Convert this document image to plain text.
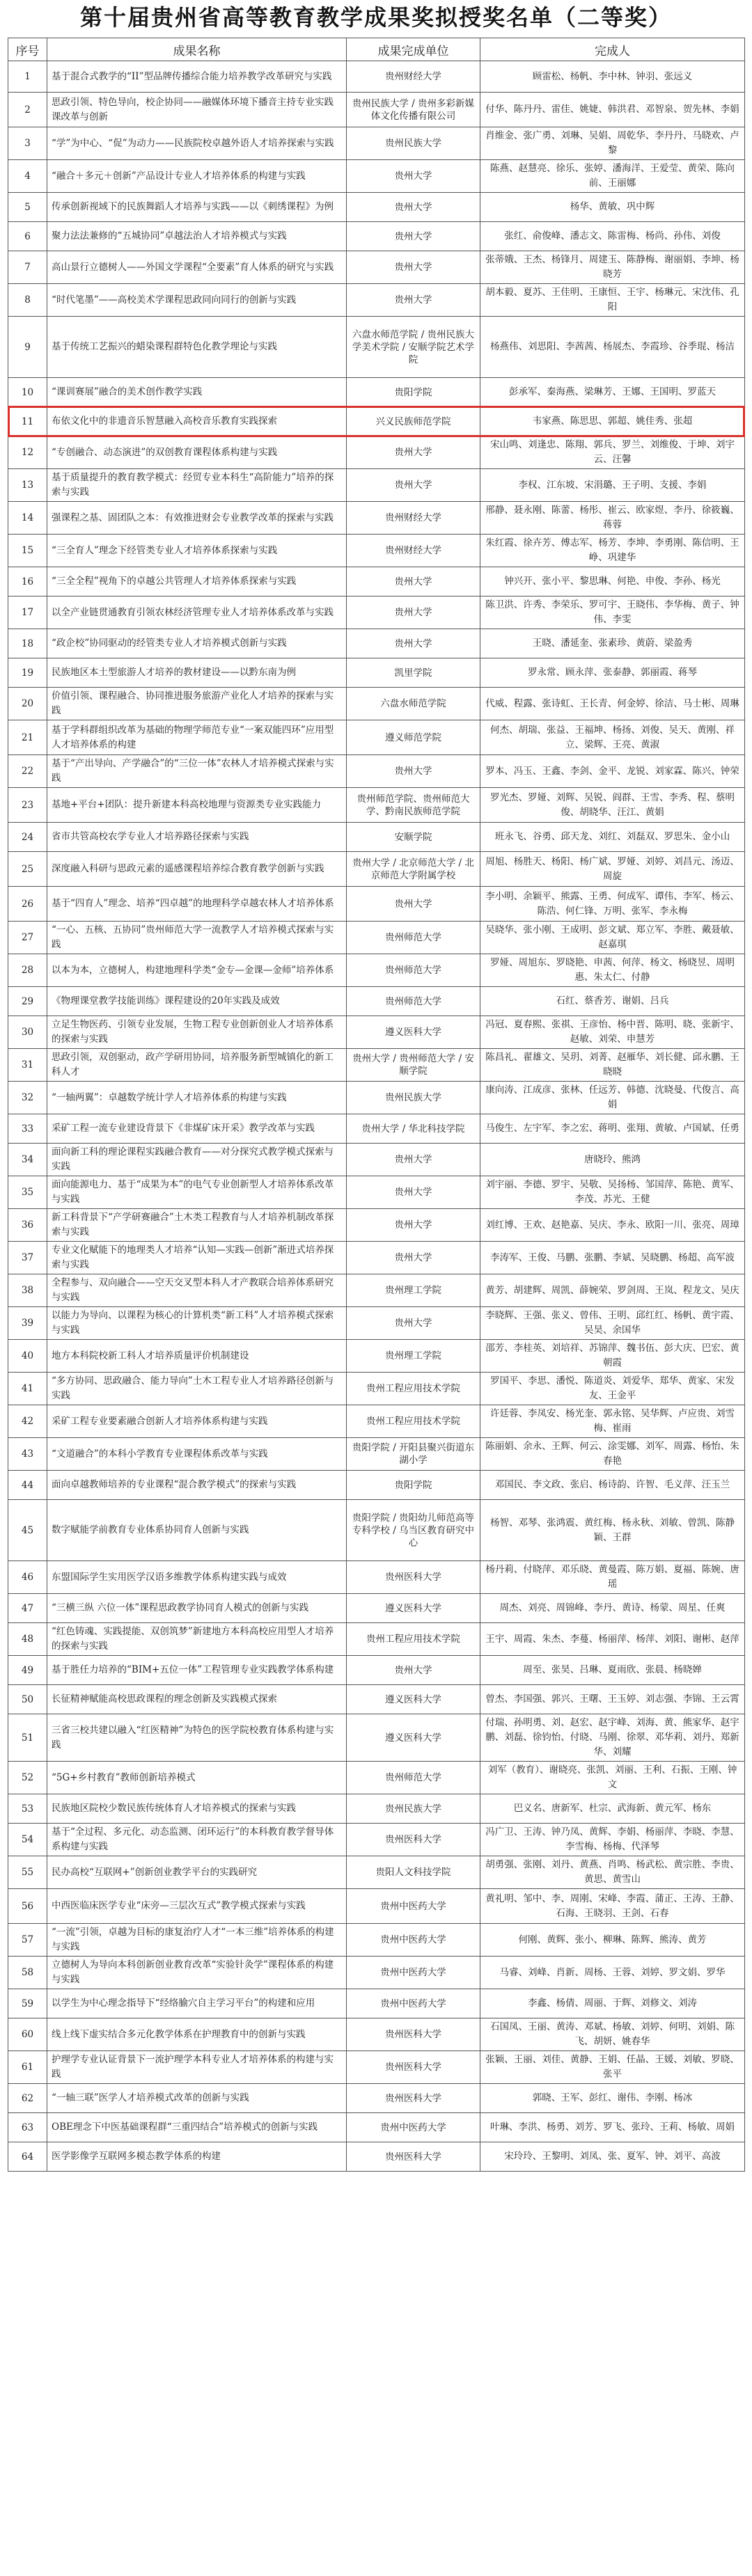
第十届贵州省高等教育教学成果奖拟授奖名单（二等奖）
序号	成果名称	成果完成单位	完成人
1	基于混合式教学的“II”型品牌传播综合能力培养教学改革研究与实践	贵州财经大学	顾雷松、杨帆、李中林、钟羽、张远义
2	思政引领、特色导向，校企协同——融媒体环境下播音主持专业实践课改革与创新	贵州民族大学 / 贵州多彩新媒体文化传播有限公司	付华、陈丹丹、雷佳、姚婕、韩洪君、邓智泉、贺先林、李娟
3	“学”为中心、“促”为动力——民族院校卓越外语人才培养探索与实践	贵州民族大学	肖维金、张广勇、刘琳、吴娟、周乾华、李丹丹、马晓欢、卢黎
4	“融合＋多元＋创新”产品设计专业人才培养体系的构建与实践	贵州大学	陈燕、赵慧亮、徐乐、张婷、潘海洋、王爱莹、黄荣、陈向前、王丽娜
5	传承创新视域下的民族舞蹈人才培养与实践——以《刺绣课程》为例	贵州大学	杨华、黄敏、巩中辉
6	聚力法法兼修的“五城协同”卓越法治人才培养模式与实践	贵州大学	张红、俞俊峰、潘志文、陈雷梅、杨尚、孙伟、刘俊
7	高山景行立德树人——外国文学课程“全要素”育人体系的研究与实践	贵州大学	张蒂娥、王杰、杨锋月、周建玉、陈静梅、谢丽娟、李坤、杨晓芳
8	“时代笔墨”——高校美术学课程思政同向同行的创新与实践	贵州大学	胡本毅、夏苏、王佳明、王康恒、王宇、杨琳元、宋沈伟、孔阳
9	基于传统工艺振兴的蜡染课程群特色化教学理论与实践	六盘水师范学院 / 贵州民族大学美术学院 / 安顺学院艺术学院	杨燕伟、刘思阳、李茜茜、杨展杰、李霞珍、谷季琨、杨洁
10	“课训赛展”融合的美术创作教学实践	贵阳学院	彭承军、秦海燕、梁琳芳、王娜、王国明、罗蓝天
11	布依文化中的非遗音乐智慧融入高校音乐教育实践探索	兴义民族师范学院	韦家燕、陈思思、郭超、姚佳秀、张超
12	“专创融合、动态演进”的双创教育课程体系构建与实践	贵州大学	宋山鸣、刘逢忠、陈翔、郭兵、罗兰、刘维俊、于坤、刘宇云、汪馨
13	基于质量提升的教育教学模式：经贸专业本科生“高阶能力”培养的探索与实践	贵州大学	李权、江东坡、宋涓璐、王子明、支援、李娟
14	强课程之基、固团队之本：有效推进财会专业教学改革的探索与实践	贵州财经大学	邢静、聂永刚、陈蕾、杨彤、崔云、欧家煜、李丹、徐筱巍、蒋蓉
15	“三全育人”理念下经管类专业人才培养体系探索与实践	贵州财经大学	朱红霞、徐卉芳、傅志军、杨芳、李坤、李勇刚、陈信明、王峥、巩建华
16	“三全全程”视角下的卓越公共管理人才培养体系探索与实践	贵州大学	钟兴开、张小平、黎思琳、何艳、申俊、李孙、杨光
17	以全产业链贯通教育引领农林经济管理专业人才培养体系改革与实践	贵州大学	陈卫洪、许秀、李荣乐、罗可宇、王晓伟、李华梅、黄子、钟伟、李雯
18	“政企校”协同驱动的经管类专业人才培养模式创新与实践	贵州大学	王晓、潘延奎、张素珍、黄蔚、梁盈秀
19	民族地区本土型旅游人才培养的教材建设——以黔东南为例	凯里学院	罗永常、顾永萍、张泰静、郭丽霞、蒋琴
20	价值引领、课程融合、协同推进服务旅游产业化人才培养的探索与实践	六盘水师范学院	代威、程露、张诗虹、王长青、何金婷、徐洁、马士彬、周琳
21	基于学科群组织改革为基础的物理学师范专业“一案双能四环”应用型人才培养体系的构建	遵义师范学院	何杰、胡瑞、张益、王福坤、杨扬、刘俊、吴天、黄刚、祥立、梁辉、王亮、黄淑
22	基于“产出导向、产学融合”的“三位一体”农林人才培养模式探索与实践	贵州大学	罗本、冯玉、王鑫、李剑、金平、龙锐、刘家霖、陈兴、钟荣
23	基地+平台+团队：提升新建本科高校地理与资源类专业实践能力	贵州师范学院、贵州师范大学、黔南民族师范学院	罗光杰、罗娅、刘辉、吴锐、阎群、王雪、李秀、程、蔡明俊、胡晓华、汪江、黄娟
24	省市共管高校农学专业人才培养路径探索与实践	安顺学院	班永飞、谷勇、邱天龙、刘红、刘磊双、罗思朱、金小山
25	深度融入科研与思政元素的遥感课程培养综合教育教学创新与实践	贵州大学 / 北京师范大学 / 北京师范大学附属学校	周旭、杨胜天、杨阳、杨广斌、罗娅、刘婷、刘昌元、汤迈、周旋
26	基于“四育人”理念、培养“四卓越”的地理科学卓越农林人才培养体系	贵州大学	李小明、余颖平、熊露、王勇、何成军、谭伟、李军、杨云、陈浩、何仁锋、万明、张军、李永梅
27	“一心、五核、五协同”贵州师范大学一流教学人才培养模式探索与实践	贵州师范大学	吴晓华、张小刚、王成明、彭文斌、郑立军、李胜、戴聂敏、赵嘉琪
28	以本为本，立德树人，构建地理科学类“金专—金课—金师”培养体系	贵州师范大学	罗娅、周旭东、罗晓艳、申茜、何萍、杨文、杨晓昱、周明惠、朱太仁、付静
29	《物理课堂教学技能训练》课程建设的20年实践及成效	贵州师范大学	石红、蔡香芳、谢娟、吕兵
30	立足生物医药、引领专业发展，生物工程专业创新创业人才培养体系的探索与实践	遵义医科大学	冯冠、夏春熙、张祺、王彦怡、杨中晋、陈明、晓、张新宇、赵敏、刘荣、申慧芳
31	思政引领，双创驱动，政产学研用协同，培养服务新型城镇化的新工科人才	贵州大学 / 贵州师范大学 / 安顺学院	陈昌礼、翟雄文、吴玥、刘菁、赵雁华、刘长健、邱永鹏、王晓晓
32	“一轴两翼”：卓越数学统计学人才培养体系的构建与实践	贵州民族大学	康向涛、江成彦、张林、任远芳、韩德、沈晓曼、代俊言、高娟
33	采矿工程一流专业建设背景下《非煤矿床开采》教学改革与实践	贵州大学 / 华北科技学院	马俊生、左宇军、李之宏、蒋明、张翔、黄敏、卢国斌、任勇
34	面向新工科的理论课程实践融合教育——对分探究式教学模式探索与实践	贵州大学	唐晓玲、熊鸿
35	面向能源电力、基于“成果为本”的电气专业创新型人才培养体系改革与实践	贵州大学	刘宇丽、李德、罗宇、吴敬、吴扬杨、邹国萍、陈艳、黄军、李茂、苏光、王健
36	新工科背景下“产学研赛融合”土木类工程教育与人才培养机制改革探索与实践	贵州大学	刘红博、王欢、赵艳嘉、吴庆、李永、欧阳一川、张亮、周璋
37	专业文化赋能下的地理类人才培养“认知—实践—创新”渐进式培养探索与实践	贵州大学	李涛军、王俊、马鹏、张鹏、李斌、吴晓鹏、杨超、高军波
38	全程参与、双向融合——空天交叉型本科人才产教联合培养体系研究与实践	贵州理工学院	黄芳、胡建辉、周凯、薛婉荣、罗剑周、王岚、程龙文、吴庆
39	以能力为导向、以课程为核心的计算机类“新工科”人才培养模式探索与实践	贵州大学	李晓辉、王强、张义、曾伟、王明、邱红红、杨帆、黄宇霞、吴昊、余国华
40	地方本科院校新工科人才培养质量评价机制建设	贵州理工学院	邵芳、李桂英、刘培祥、苏锦萍、魏书伍、彭大庆、巴宏、黄朝霞
41	“多方协同、思政融合、能力导向”土木工程专业人才培养路径创新与实践	贵州工程应用技术学院	罗国平、李思、潘悦、陈道炎、刘爱华、郑华、黄家、宋发友、王金平
42	采矿工程专业要素融合创新人才培养体系构建与实践	贵州工程应用技术学院	许廷蓉、李凤安、杨光奎、郭永铭、吴华辉、卢应贵、刘雪梅、崔雨
43	“文道融合”的本科小学教育专业课程体系改革与实践	贵阳学院 / 开阳县聚兴街道东湖小学	陈丽娟、余永、王辉、何云、涂雯娜、刘军、周露、杨怡、朱春艳
44	面向卓越教师培养的专业课程“混合教学模式”的探索与实践	贵阳学院	邓国民、李文政、张启、杨诗韵、许智、毛义萍、汪玉兰
45	数字赋能学前教育专业体系协同育人创新与实践	贵阳学院 / 贵阳幼儿师范高等专科学校 / 乌当区教育研究中心	杨智、邓琴、张鸿震、黄红梅、杨永秋、刘敏、曾凯、陈静颖、王群
46	东盟国际学生实用医学汉语多维教学体系构建实践与成效	贵州医科大学	杨丹莉、付晓萍、邓乐晓、黄曼霞、陈万娟、夏福、陈婉、唐瑶
47	“三横三纵 六位一体”课程思政教学协同育人模式的创新与实践	遵义医科大学	周杰、刘亮、周锦峰、李丹、黄诗、杨蒙、周星、任爽
48	“红色铸魂、实践提能、双创筑梦”新建地方本科高校应用型人才培养的探索与实践	贵州工程应用技术学院	王宇、周霞、朱杰、李蔓、杨丽萍、杨萍、刘阳、谢彬、赵萍
49	基于胜任力培养的“BIM+五位一体”工程管理专业实践教学体系构建	贵州大学	周至、张昊、吕琳、夏雨欣、张晨、杨晓婵
50	长征精神赋能高校思政课程的理念创新及实践模式探索	遵义医科大学	曾杰、李国强、郭兴、王曙、王玉婷、刘志强、李锦、王云霄
51	三省三校共建以融入“红医精神”为特色的医学院校教育体系构建与实践	遵义医科大学	付瑞、孙明勇、刘、赵宏、赵宇峰、刘海、黄、熊家华、赵宇鹏、刘磊、徐钧怡、付晓、马刚、徐翠、邓华莉、刘丹、郑新华、刘耀
52	“5G+乡村教育”教师创新培养模式	贵州师范大学	刘军（教育）、谢晓亮、张凯、刘丽、王利、石振、王刚、钟文
53	民族地区院校少数民族传统体育人才培养模式的探索与实践	贵州民族大学	巴义名、唐新军、杜宗、武海新、黄元军、杨东
54	基于“全过程、多元化、动态监测、闭环运行”的本科教育教学督导体系构建与实践	贵州医科大学	冯广卫、王涛、钟乃凤、黄辉、李娟、杨丽萍、李晓、李慧、李雪梅、杨梅、代泽琴
55	民办高校“互联网+”创新创业教学平台的实践研究	贵阳人文科技学院	胡勇强、张刚、刘丹、黄燕、肖鸣、杨武松、黄宗胜、李贵、黄思、黄雪山
56	中西医临床医学专业“床旁—三层次互式”教学模式探索与实践	贵州中医药大学	黄礼明、邹中、李、周刚、宋峰、李霞、蒲正、王涛、王静、石海、王晓羽、王剑、石春
57	“一流”引领，卓越为目标的康复治疗人才“一本三维”培养体系的构建与实践	贵州中医药大学	何刚、黄辉、张小、柳琳、陈辉、熊涛、黄芳
58	立德树人为导向本科创新创业教育改革“实验针灸学”课程体系的构建与实践	贵州中医药大学	马睿、刘峰、肖新、周杨、王蓉、刘婷、罗文娟、罗华
59	以学生为中心理念指导下“经络腧穴自主学习平台”的构建和应用	贵州中医药大学	李鑫、杨倩、周丽、于辉、刘修文、刘涛
60	线上线下虚实结合多元化教学体系在护理教育中的创新与实践	贵州医科大学	石国凤、王丽、黄涛、邓斌、杨敏、刘婷、何明、刘娟、陈飞、胡妍、姚春华
61	护理学专业认证背景下一流护理学本科专业人才培养体系的构建与实践	贵州医科大学	张颖、王丽、刘佳、黄静、王娟、任晶、王媛、刘敏、罗晓、张平
62	“一轴三联”医学人才培养模式改革的创新与实践	贵州医科大学	郭晓、王军、彭红、谢伟、李刚、杨冰
63	OBE理念下中医基础课程群“三重四结合”培养模式的创新与实践	贵州中医药大学	叶琳、李洪、杨勇、刘芳、罗飞、张玲、王莉、杨敏、周娟
64	医学影像学互联网多模态教学体系的构建	贵州医科大学	宋玲玲、王黎明、刘凤、张、夏军、钟、刘平、高波
